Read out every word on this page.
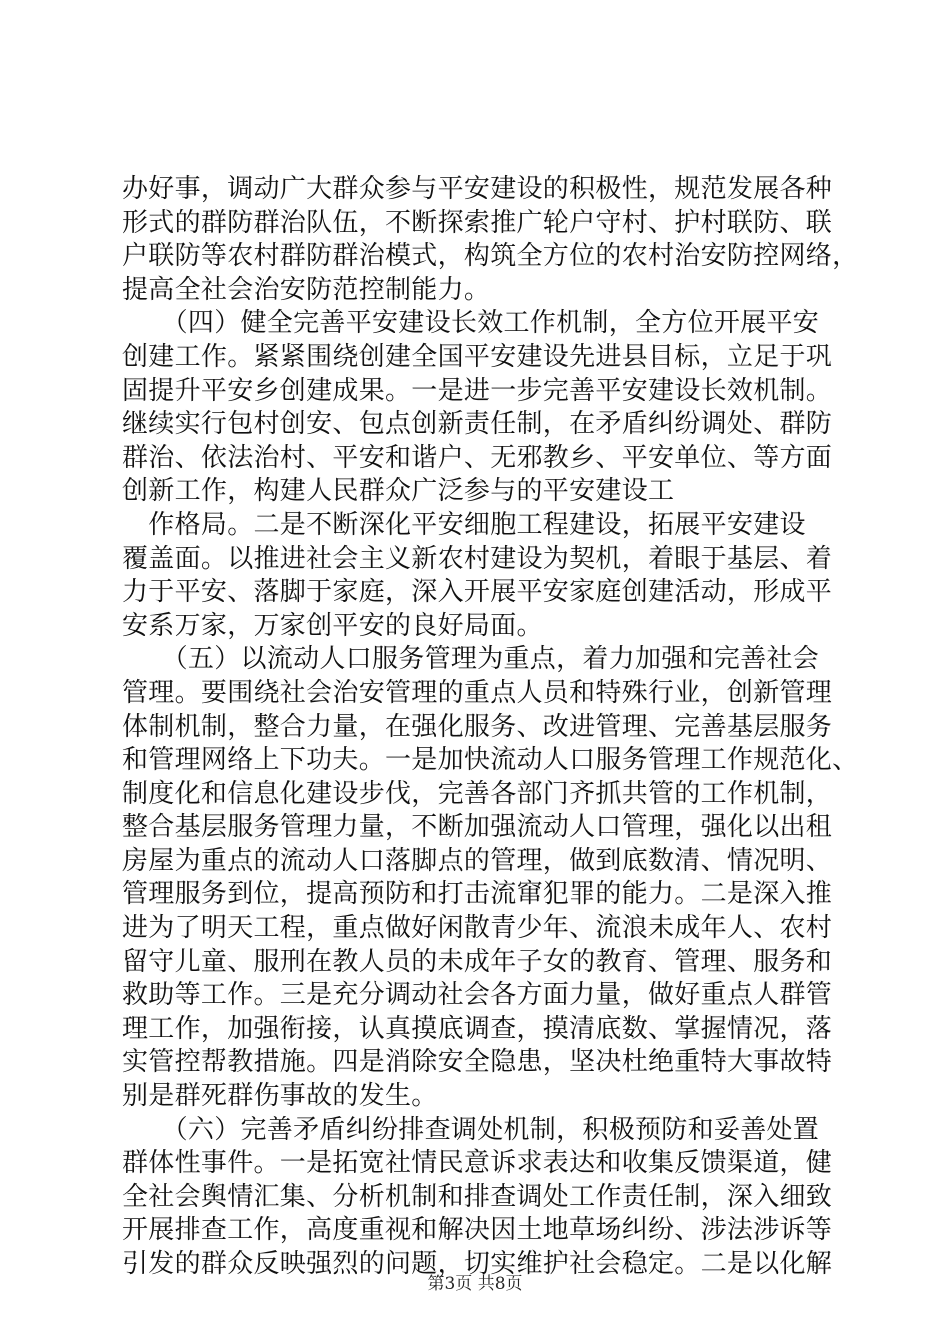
办好事，调动广大群众参与平安建设的积极性，规范发展各种
形式的群防群治队伍，不断探索推广轮户守村、护村联防、联
户联防等农村群防群治模式，构筑全方位的农村治安防控网络，
提高全社会治安防范控制能力。
　　（四）健全完善平安建设长效工作机制，全方位开展平安
创建工作。紧紧围绕创建全国平安建设先进县目标，立足于巩
固提升平安乡创建成果。一是进一步完善平安建设长效机制。
继续实行包村创安、包点创新责任制，在矛盾纠纷调处、群防
群治、依法治村、平安和谐户、无邪教乡、平安单位、等方面
创新工作，构建人民群众广泛参与的平安建设工
　作格局。二是不断深化平安细胞工程建设，拓展平安建设
覆盖面。以推进社会主义新农村建设为契机，着眼于基层、着
力于平安、落脚于家庭，深入开展平安家庭创建活动，形成平
安系万家，万家创平安的良好局面。
　　（五）以流动人口服务管理为重点，着力加强和完善社会
管理。要围绕社会治安管理的重点人员和特殊行业，创新管理
体制机制，整合力量，在强化服务、改进管理、完善基层服务
和管理网络上下功夫。一是加快流动人口服务管理工作规范化、
制度化和信息化建设步伐，完善各部门齐抓共管的工作机制，
整合基层服务管理力量，不断加强流动人口管理，强化以出租
房屋为重点的流动人口落脚点的管理，做到底数清、情况明、
管理服务到位，提高预防和打击流窜犯罪的能力。二是深入推
进为了明天工程，重点做好闲散青少年、流浪未成年人、农村
留守儿童、服刑在教人员的未成年子女的教育、管理、服务和
救助等工作。三是充分调动社会各方面力量，做好重点人群管
理工作，加强衔接，认真摸底调查，摸清底数、掌握情况，落
实管控帮教措施。四是消除安全隐患，坚决杜绝重特大事故特
别是群死群伤事故的发生。
　　（六）完善矛盾纠纷排查调处机制，积极预防和妥善处置
群体性事件。一是拓宽社情民意诉求表达和收集反馈渠道，健
全社会舆情汇集、分析机制和排查调处工作责任制，深入细致
开展排查工作，高度重视和解决因土地草场纠纷、涉法涉诉等
引发的群众反映强烈的问题，切实维护社会稳定。二是以化解
第3页 共8页
